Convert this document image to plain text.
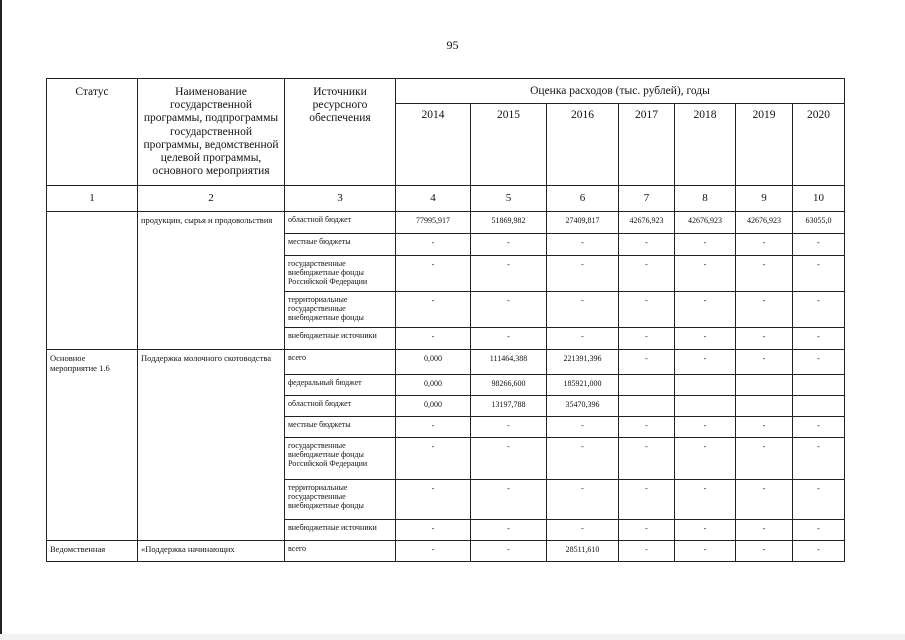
95
Статус	Наименование государственной программы, подпрограммы государственной программы, ведомственной целевой программы, основного мероприятия	Источники ресурсного обеспечения	Оценка расходов (тыс. рублей), годы						
			2014	2015	2016	2017	2018	2019	2020
1	2	3	4	5	6	7	8	9	10
	продукции, сырья и продовольствия	областной бюджет	77995,917	51869,982	27409,817	42676,923	42676,923	42676,923	63055,0
		местные бюджеты	-	-	-	-	-	-	-
		государственные внебюджетные фонды Российской Федерации	-	-	-	-	-	-	-
		территориальные государственные внебюджетные фонды	-	-	-	-	-	-	-
		внебюджетные источники	-	-	-	-	-	-	-
Основное мероприятие 1.6	Поддержка молочного скотоводства	всего	0,000	111464,388	221391,396	-	-	-	-
		федеральный бюджет	0,000	98266,600	185921,000				
		областной бюджет	0,000	13197,788	35470,396				
		местные бюджеты	-	-	-	-	-	-	-
		государственные внебюджетные фонды Российской Федерации	-	-	-	-	-	-	-
		территориальные государственные внебюджетные фонды	-	-	-	-	-	-	-
		внебюджетные источники	-	-	-	-	-	-	-
Ведомственная	«Поддержка начинающих	всего	-	-	28511,610	-	-	-	-
